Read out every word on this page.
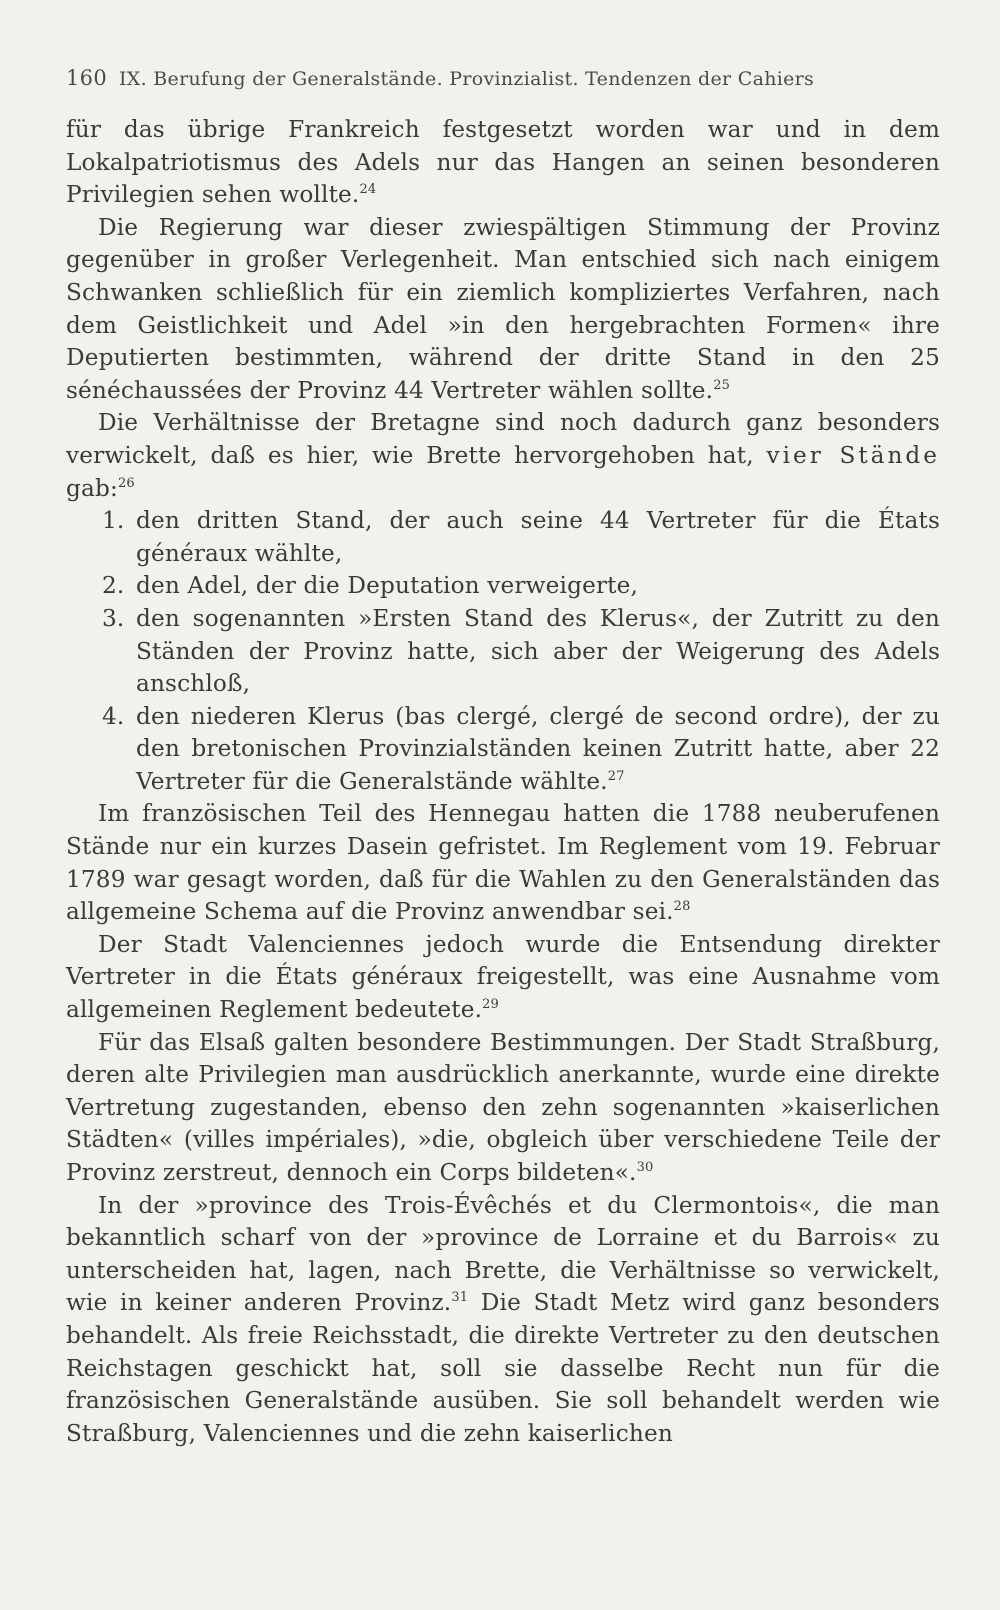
160 IX. Berufung der Generalstände. Provinzialist. Tendenzen der Cahiers

für das übrige Frankreich festgesetzt worden war und in dem Lokalpatriotismus des Adels nur das Hangen an seinen besonderen Privilegien sehen wollte.$^{24}$

Die Regierung war dieser zwiespältigen Stimmung der Provinz gegenüber in großer Verlegenheit. Man entschied sich nach einigem Schwanken schließlich für ein ziemlich kompliziertes Verfahren, nach dem Geistlichkeit und Adel »in den hergebrachten Formen« ihre Deputierten bestimmten, während der dritte Stand in den 25 sénéchaussées der Provinz 44 Vertreter wählen sollte.$^{25}$

Die Verhältnisse der Bretagne sind noch dadurch ganz besonders verwickelt, daß es hier, wie Brette hervorgehoben hat, vier Stände gab:$^{26}$

1. den dritten Stand, der auch seine 44 Vertreter für die États généraux wählte,
2. den Adel, der die Deputation verweigerte,
3. den sogenannten »Ersten Stand des Klerus«, der Zutritt zu den Ständen der Provinz hatte, sich aber der Weigerung des Adels anschloß,
4. den niederen Klerus (bas clergé, clergé de second ordre), der zu den bretonischen Provinzialständen keinen Zutritt hatte, aber 22 Vertreter für die Generalstände wählte.$^{27}$

Im französischen Teil des Hennegau hatten die 1788 neuberufenen Stände nur ein kurzes Dasein gefristet. Im Reglement vom 19. Februar 1789 war gesagt worden, daß für die Wahlen zu den Generalständen das allgemeine Schema auf die Provinz anwendbar sei.$^{28}$

Der Stadt Valenciennes jedoch wurde die Entsendung direkter Vertreter in die États généraux freigestellt, was eine Ausnahme vom allgemeinen Reglement bedeutete.$^{29}$

Für das Elsaß galten besondere Bestimmungen. Der Stadt Straßburg, deren alte Privilegien man ausdrücklich anerkannte, wurde eine direkte Vertretung zugestanden, ebenso den zehn sogenannten »kaiserlichen Städten« (villes impériales), »die, obgleich über verschiedene Teile der Provinz zerstreut, dennoch ein Corps bildeten«.$^{30}$

In der »province des Trois-Évêchés et du Clermontois«, die man bekanntlich scharf von der »province de Lorraine et du Barrois« zu unterscheiden hat, lagen, nach Brette, die Verhältnisse so verwickelt, wie in keiner anderen Provinz.$^{31}$ Die Stadt Metz wird ganz besonders behandelt. Als freie Reichsstadt, die direkte Vertreter zu den deutschen Reichstagen geschickt hat, soll sie dasselbe Recht nun für die französischen Generalstände ausüben. Sie soll behandelt werden wie Straßburg, Valenciennes und die zehn kaiserlichen
